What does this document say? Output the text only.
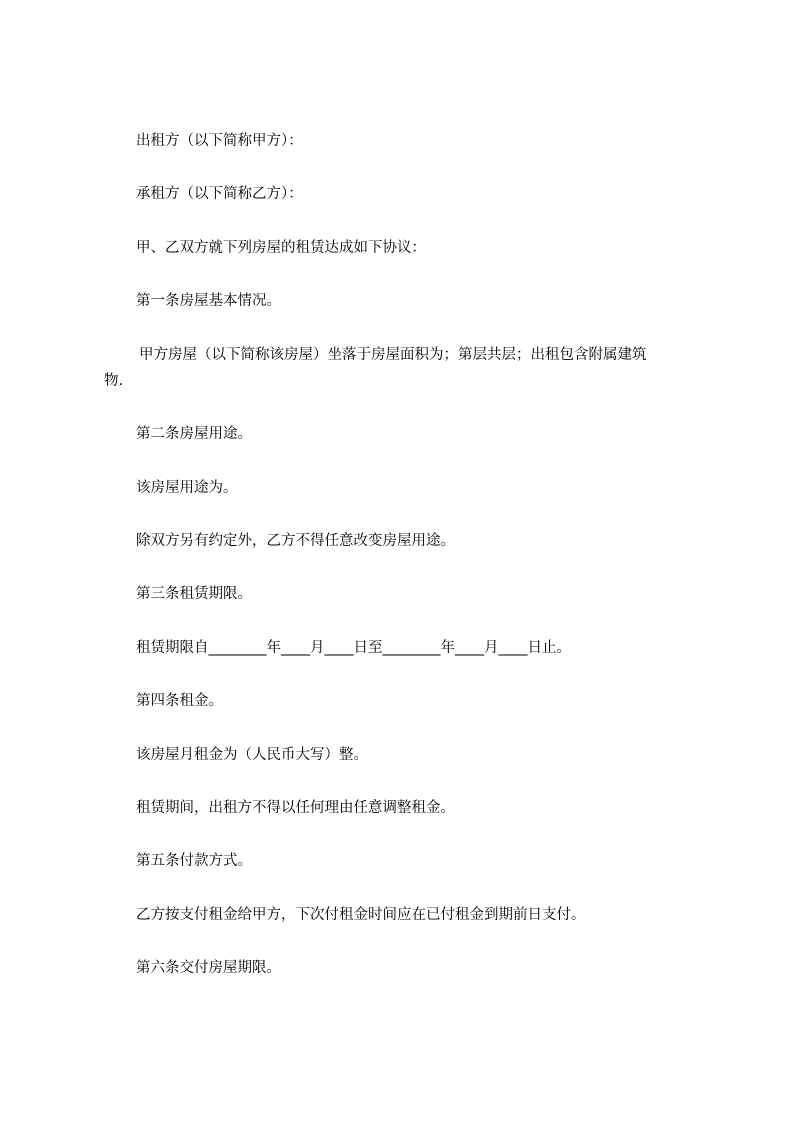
出租方（以下简称甲方）：

承租方（以下简称乙方）：

甲、乙双方就下列房屋的租赁达成如下协议：

第一条房屋基本情况。

甲方房屋（以下简称该房屋）坐落于房屋面积为；第层共层；出租包含附属建筑

物.

第二条房屋用途。

该房屋用途为。

除双方另有约定外，乙方不得任意改变房屋用途。

第三条租赁期限。

租赁期限自________年____月____日至________年____月____日止。

第四条租金。

该房屋月租金为（人民币大写）整。

租赁期间，出租方不得以任何理由任意调整租金。

第五条付款方式。

乙方按支付租金给甲方，下次付租金时间应在已付租金到期前日支付。

第六条交付房屋期限。
